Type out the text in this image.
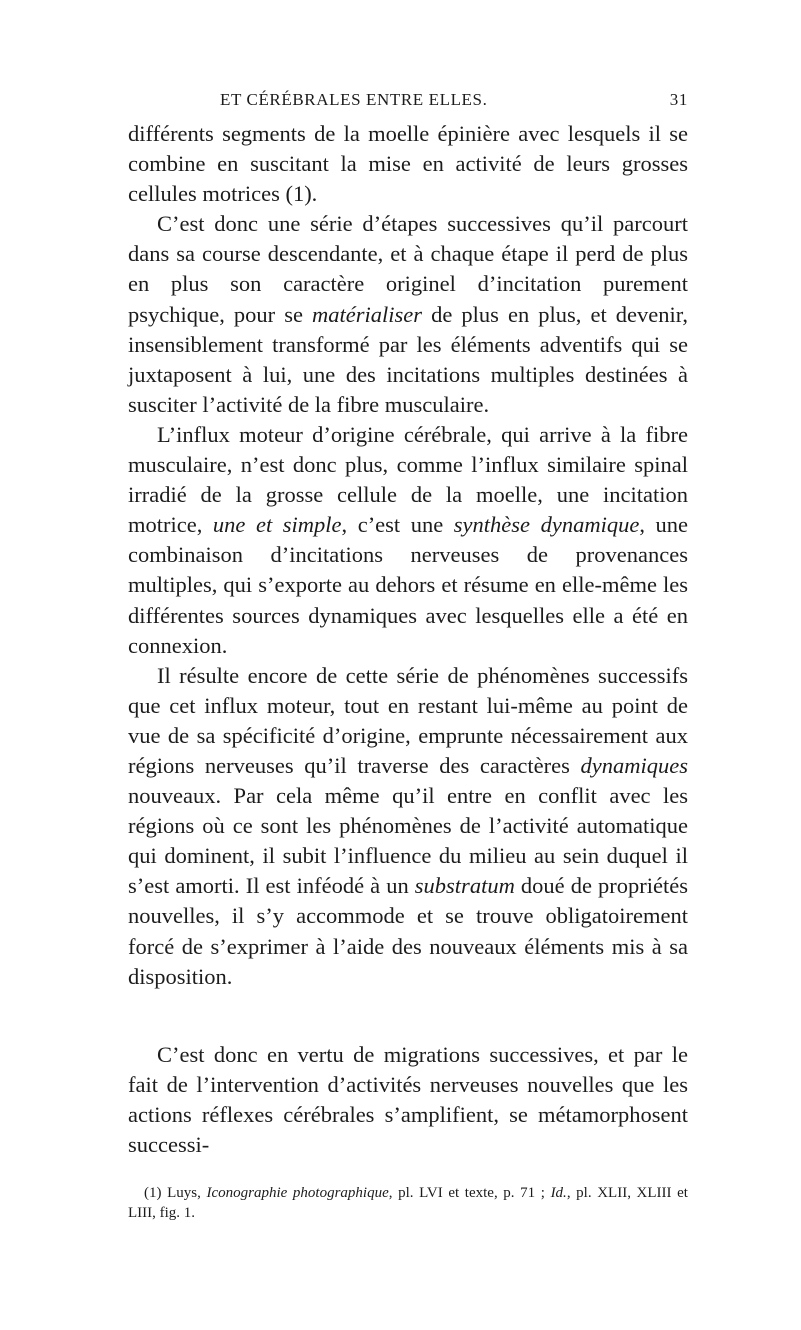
ET CÉRÉBRALES ENTRE ELLES.	31

différents segments de la moelle épinière avec lesquels il se combine en suscitant la mise en activité de leurs grosses cellules motrices (1).

C’est donc une série d’étapes successives qu’il parcourt dans sa course descendante, et à chaque étape il perd de plus en plus son caractère originel d’incitation purement psychique, pour se matérialiser de plus en plus, et devenir, insensiblement transformé par les éléments adventifs qui se juxtaposent à lui, une des incitations multiples destinées à susciter l’activité de la fibre musculaire.

L’influx moteur d’origine cérébrale, qui arrive à la fibre musculaire, n’est donc plus, comme l’influx similaire spinal irradié de la grosse cellule de la moelle, une incitation motrice, une et simple, c’est une synthèse dynamique, une combinaison d’incitations nerveuses de provenances multiples, qui s’exporte au dehors et résume en elle-même les différentes sources dynamiques avec lesquelles elle a été en connexion.

Il résulte encore de cette série de phénomènes successifs que cet influx moteur, tout en restant lui-même au point de vue de sa spécificité d’origine, emprunte nécessairement aux régions nerveuses qu’il traverse des caractères dynamiques nouveaux. Par cela même qu’il entre en conflit avec les régions où ce sont les phénomènes de l’activité automatique qui dominent, il subit l’influence du milieu au sein duquel il s’est amorti. Il est inféodé à un substratum doué de propriétés nouvelles, il s’y accommode et se trouve obligatoirement forcé de s’exprimer à l’aide des nouveaux éléments mis à sa disposition.

C’est donc en vertu de migrations successives, et par le fait de l’intervention d’activités nerveuses nouvelles que les actions réflexes cérébrales s’amplifient, se métamorphosent successi-

(1) Luys, Iconographie photographique, pl. LVI et texte, p. 71 ; Id., pl. XLII, XLIII et LIII, fig. 1.
